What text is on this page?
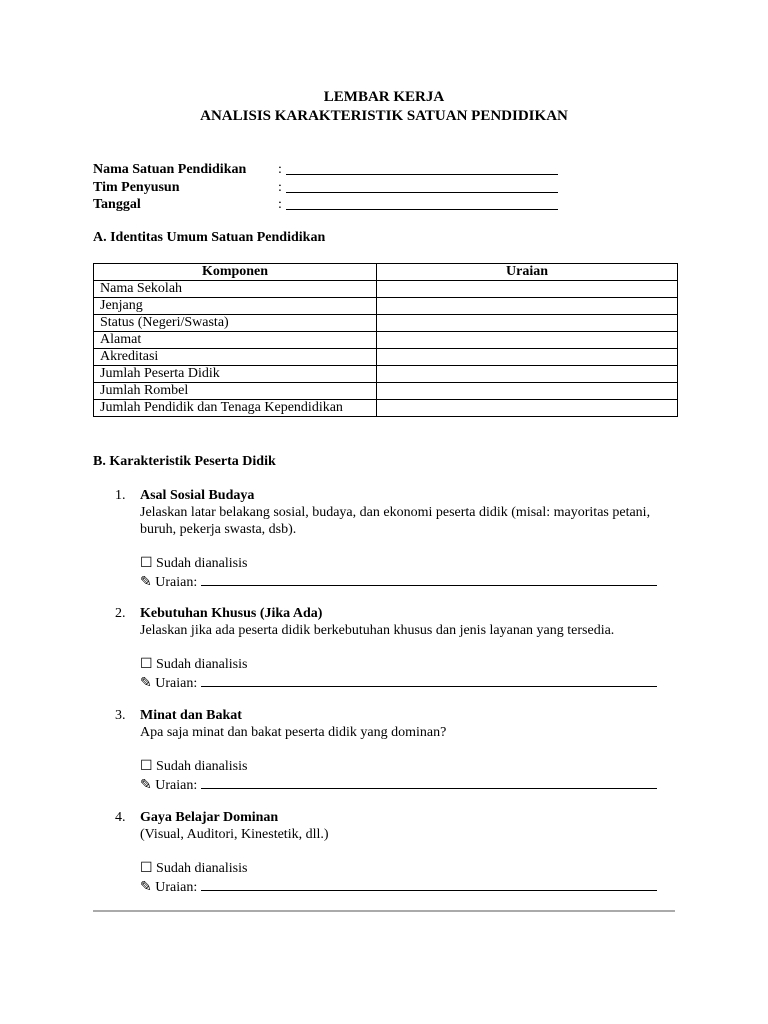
LEMBAR KERJA
ANALISIS KARAKTERISTIK SATUAN PENDIDIKAN
Nama Satuan Pendidikan	:
Tim Penyusun	:
Tanggal	:
A. Identitas Umum Satuan Pendidikan
Komponen	Uraian
Nama Sekolah	
Jenjang	
Status (Negeri/Swasta)	
Alamat	
Akreditasi	
Jumlah Peserta Didik	
Jumlah Rombel	
Jumlah Pendidik dan Tenaga Kependidikan	
B. Karakteristik Peserta Didik
1. Asal Sosial Budaya

Jelaskan latar belakang sosial, budaya, dan ekonomi peserta didik (misal: mayoritas petani, buruh, pekerja swasta, dsb).

☐ Sudah dianalisis
✎ Uraian:
2. Kebutuhan Khusus (Jika Ada)

Jelaskan jika ada peserta didik berkebutuhan khusus dan jenis layanan yang tersedia.

☐ Sudah dianalisis
✎ Uraian:
3. Minat dan Bakat

Apa saja minat dan bakat peserta didik yang dominan?

☐ Sudah dianalisis
✎ Uraian:
4. Gaya Belajar Dominan

(Visual, Auditori, Kinestetik, dll.)

☐ Sudah dianalisis
✎ Uraian:
